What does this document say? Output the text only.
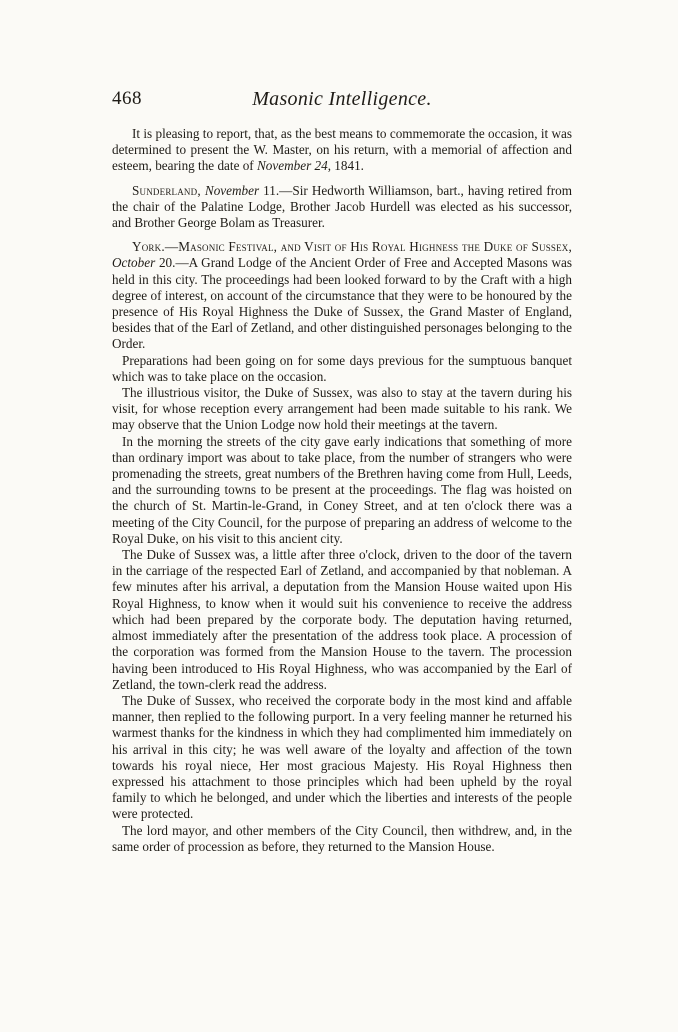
468	Masonic Intelligence.

It is pleasing to report, that, as the best means to commemorate the occasion, it was determined to present the W. Master, on his return, with a memorial of affection and esteem, bearing the date of November 24, 1841.

Sunderland, November 11.—Sir Hedworth Williamson, bart., having retired from the chair of the Palatine Lodge, Brother Jacob Hurdell was elected as his successor, and Brother George Bolam as Treasurer.

York.—Masonic Festival, and Visit of His Royal Highness the Duke of Sussex, October 20.—A Grand Lodge of the Ancient Order of Free and Accepted Masons was held in this city. The proceedings had been looked forward to by the Craft with a high degree of interest, on account of the circumstance that they were to be honoured by the presence of His Royal Highness the Duke of Sussex, the Grand Master of England, besides that of the Earl of Zetland, and other distinguished personages belonging to the Order.

Preparations had been going on for some days previous for the sumptuous banquet which was to take place on the occasion.

The illustrious visitor, the Duke of Sussex, was also to stay at the tavern during his visit, for whose reception every arrangement had been made suitable to his rank. We may observe that the Union Lodge now hold their meetings at the tavern.

In the morning the streets of the city gave early indications that something of more than ordinary import was about to take place, from the number of strangers who were promenading the streets, great numbers of the Brethren having come from Hull, Leeds, and the surrounding towns to be present at the proceedings. The flag was hoisted on the church of St. Martin-le-Grand, in Coney Street, and at ten o'clock there was a meeting of the City Council, for the purpose of preparing an address of welcome to the Royal Duke, on his visit to this ancient city.

The Duke of Sussex was, a little after three o'clock, driven to the door of the tavern in the carriage of the respected Earl of Zetland, and accompanied by that nobleman. A few minutes after his arrival, a deputation from the Mansion House waited upon His Royal Highness, to know when it would suit his convenience to receive the address which had been prepared by the corporate body. The deputation having returned, almost immediately after the presentation of the address took place. A procession of the corporation was formed from the Mansion House to the tavern. The procession having been introduced to His Royal Highness, who was accompanied by the Earl of Zetland, the town-clerk read the address.

The Duke of Sussex, who received the corporate body in the most kind and affable manner, then replied to the following purport. In a very feeling manner he returned his warmest thanks for the kindness in which they had complimented him immediately on his arrival in this city; he was well aware of the loyalty and affection of the town towards his royal niece, Her most gracious Majesty. His Royal Highness then expressed his attachment to those principles which had been upheld by the royal family to which he belonged, and under which the liberties and interests of the people were protected.

The lord mayor, and other members of the City Council, then withdrew, and, in the same order of procession as before, they returned to the Mansion House.
